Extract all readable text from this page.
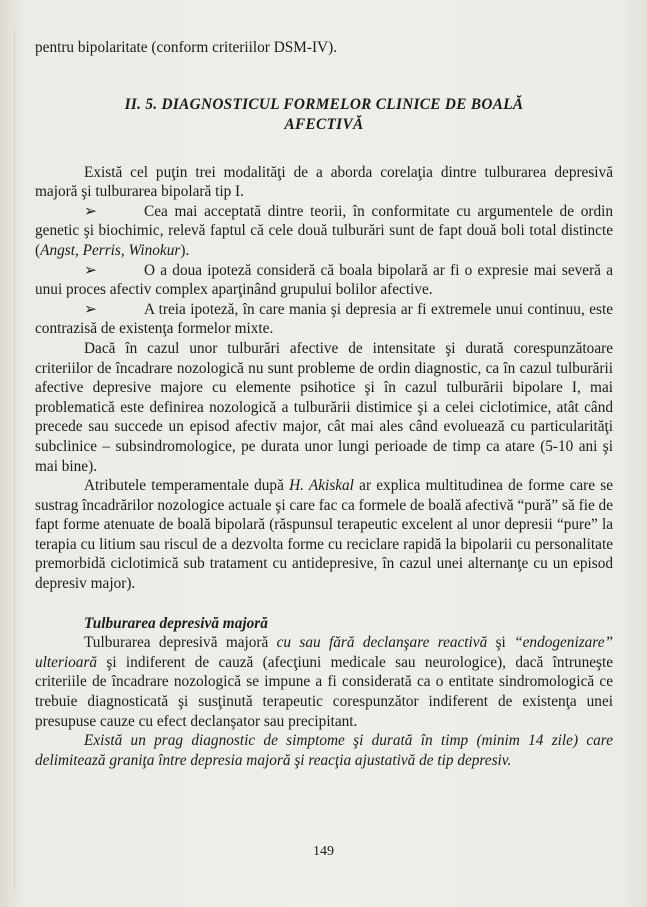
pentru bipolaritate (conform criteriilor DSM-IV).

II. 5. DIAGNOSTICUL FORMELOR CLINICE DE BOALĂ
AFECTIVĂ

Există cel puţin trei modalităţi de a aborda corelaţia dintre tulburarea depresivă majoră şi tulburarea bipolară tip I.

➢	Cea mai acceptată dintre teorii, în conformitate cu argumentele de ordin genetic şi biochimic, relevă faptul că cele două tulburări sunt de fapt două boli total distincte (Angst, Perris, Winokur).

➢	O a doua ipoteză consideră că boala bipolară ar fi o expresie mai severă a unui proces afectiv complex aparţinând grupului bolilor afective.

➢	A treia ipoteză, în care mania şi depresia ar fi extremele unui continuu, este contrazisă de existenţa formelor mixte.

Dacă în cazul unor tulburări afective de intensitate şi durată corespunzătoare criteriilor de încadrare nozologică nu sunt probleme de ordin diagnostic, ca în cazul tulburării afective depresive majore cu elemente psihotice şi în cazul tulburării bipolare I, mai problematică este definirea nozologică a tulburării distimice şi a celei ciclotimice, atât când precede sau succede un episod afectiv major, cât mai ales când evoluează cu particularităţi subclinice – subsindromologice, pe durata unor lungi perioade de timp ca atare (5-10 ani şi mai bine).

Atributele temperamentale după H. Akiskal ar explica multitudinea de forme care se sustrag încadrărilor nozologice actuale şi care fac ca formele de boală afectivă “pură” să fie de fapt forme atenuate de boală bipolară (răspunsul terapeutic excelent al unor depresii “pure” la terapia cu litium sau riscul de a dezvolta forme cu reciclare rapidă la bipolarii cu personalitate premorbidă ciclotimică sub tratament cu antidepresive, în cazul unei alternanţe cu un episod depresiv major).

Tulburarea depresivă majoră

Tulburarea depresivă majoră cu sau fără declanşare reactivă şi “endogenizare” ulterioară şi indiferent de cauză (afecţiuni medicale sau neurologice), dacă întruneşte criteriile de încadrare nozologică se impune a fi considerată ca o entitate sindromologică ce trebuie diagnosticată şi susţinută terapeutic corespunzător indiferent de existenţa unei presupuse cauze cu efect declanşator sau precipitant.

Există un prag diagnostic de simptome şi durată în timp (minim 14 zile) care delimitează graniţa între depresia majoră şi reacţia ajustativă de tip depresiv.

149
